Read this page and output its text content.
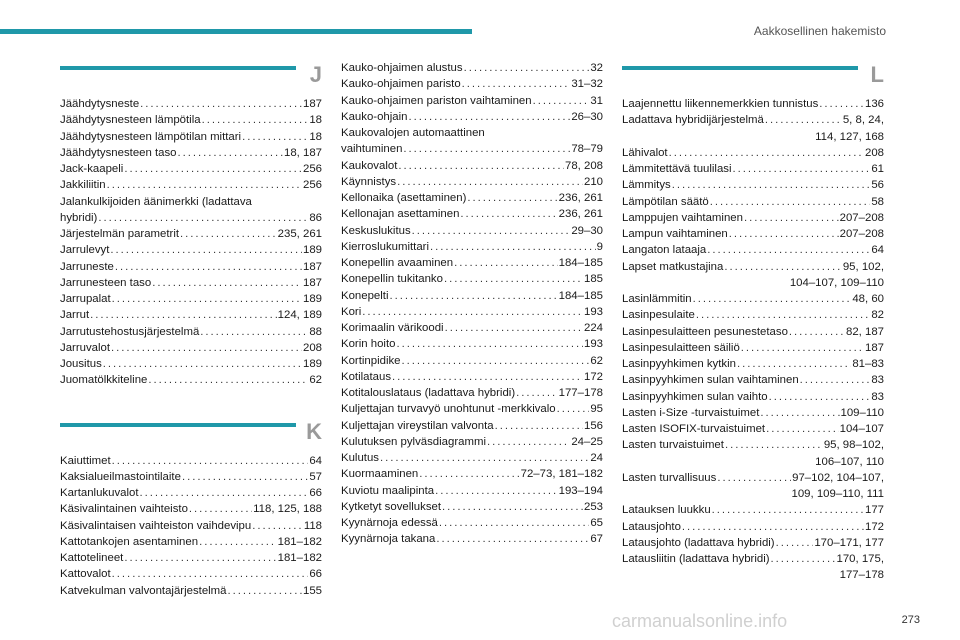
Aakkosellinen hakemisto
J
Jäähdytysneste . . .	187
Jäähdytysnesteen lämpötila . . .	18
Jäähdytysnesteen lämpötilan mittari . . .	18
Jäähdytysnesteen taso . . .	18, 187
Jack-kaapeli . . .	256
Jakkiliitin . . .	256
Jalankulkijoiden äänimerkki (ladattava
hybridi) . . .	86
Järjestelmän parametrit . . .	235, 261
Jarrulevyt . . .	189
Jarruneste . . .	187
Jarrunesteen taso . . .	187
Jarrupalat . . .	189
Jarrut . . .	124, 189
Jarrutustehostusjärjestelmä . . .	88
Jarruvalot . . .	208
Jousitus . . .	189
Juomatölkkiteline . . .	62
K
Kaiuttimet . . .	64
Kaksialueilmastointilaite . . .	57
Kartanlukuvalot . . .	66
Käsivalintainen vaihteisto . . .	118, 125, 188
Käsivalintaisen vaihteiston vaihdevipu . . .	118
Kattotankojen asentaminen . . .	181–182
Kattotelineet . . .	181–182
Kattovalot . . .	66
Katvekulman valvontajärjestelmä . . .	155
Kauko-ohjaimen alustus . . .	32
Kauko-ohjaimen paristo . . .	31–32
Kauko-ohjaimen pariston vaihtaminen . . .	31
Kauko-ohjain . . .	26–30
Kaukovalojen automaattinen
vaihtuminen . . .	78–79
Kaukovalot . . .	78, 208
Käynnistys . . .	210
Kellonaika (asettaminen) . . .	236, 261
Kellonajan asettaminen . . .	236, 261
Keskuslukitus . . .	29–30
Kierroslukumittari . . .	9
Konepellin avaaminen . . .	184–185
Konepellin tukitanko . . .	185
Konepelti . . .	184–185
Kori . . .	193
Korimaalin värikoodi . . .	224
Korin hoito . . .	193
Kortinpidike . . .	62
Kotilataus . . .	172
Kotitalouslataus (ladattava hybridi) . . .	177–178
Kuljettajan turvavyö unohtunut -merkkivalo . . .	95
Kuljettajan vireystilan valvonta . . .	156
Kulutuksen pylväsdiagrammi . . .	24–25
Kulutus . . .	24
Kuormaaminen . . .	72–73, 181–182
Kuviotu maalipinta . . .	193–194
Kytketyt sovellukset . . .	253
Kyynärnoja edessä . . .	65
Kyynärnoja takana . . .	67
L
Laajennettu liikennemerkkien tunnistus . . .	136
Ladattava hybridijärjestelmä . . .	5, 8, 24,
114, 127, 168
Lähivalot . . .	208
Lämmitettävä tuulilasi . . .	61
Lämmitys . . .	56
Lämpötilan säätö . . .	58
Lamppujen vaihtaminen . . .	207–208
Lampun vaihtaminen . . .	207–208
Langaton lataaja . . .	64
Lapset matkustajina . . .	95, 102,
104–107, 109–110
Lasinlämmitin . . .	48, 60
Lasinpesulaite . . .	82
Lasinpesulaitteen pesunestetaso . . .	82, 187
Lasinpesulaitteen säiliö . . .	187
Lasinpyyhkimen kytkin . . .	81–83
Lasinpyyhkimen sulan vaihtaminen . . .	83
Lasinpyyhkimen sulan vaihto . . .	83
Lasten i-Size -turvaistuimet . . .	109–110
Lasten ISOFIX-turvaistuimet . . .	104–107
Lasten turvaistuimet . . .	95, 98–102,
106–107, 110
Lasten turvallisuus . . .	97–102, 104–107,
109, 109–110, 111
Latauksen luukku . . .	177
Latausjohto . . .	172
Latausjohto (ladattava hybridi) . . .	170–171, 177
Latausliitin (ladattava hybridi) . . .	170, 175,
177–178
carmanualsonline.info	273
